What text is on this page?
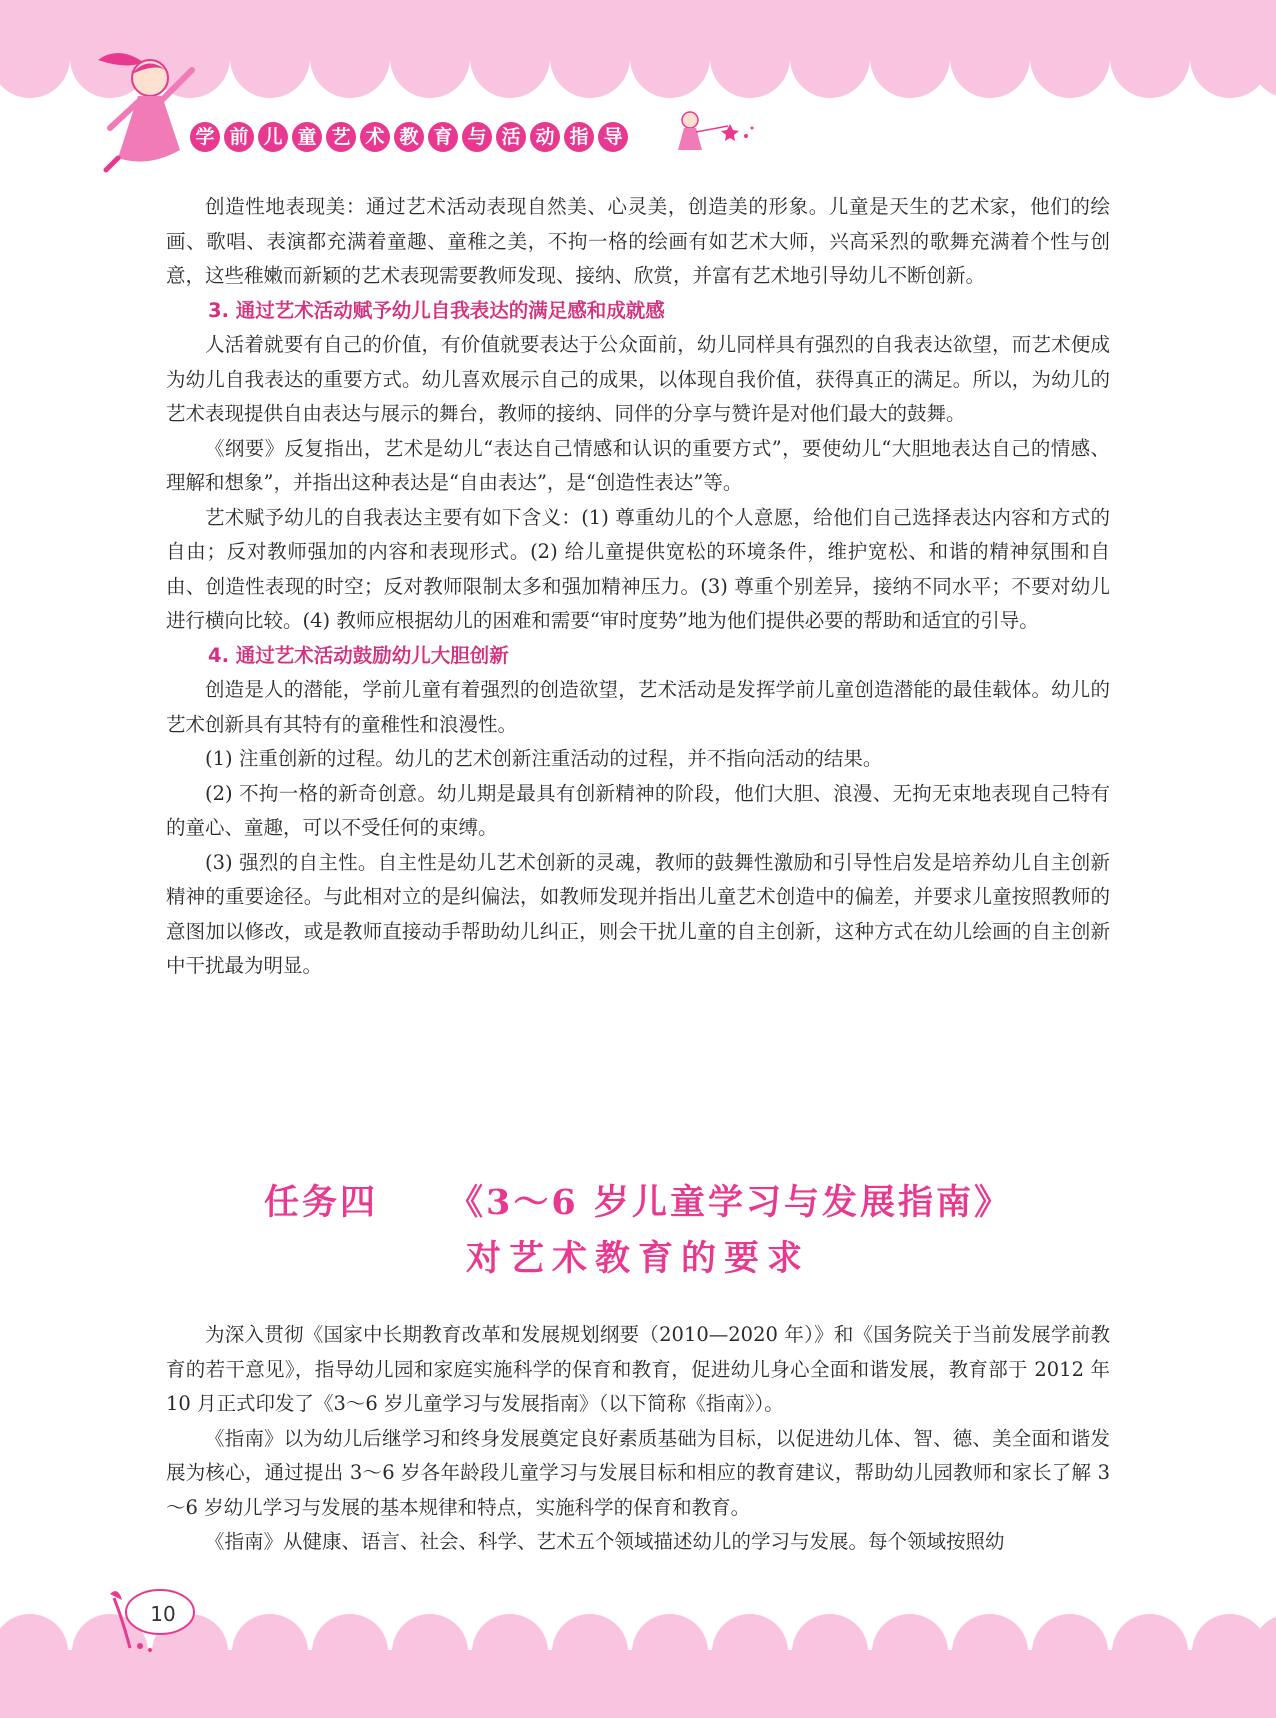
学 前 儿 童 艺 术 教 育 与 活 动 指 导

创造性地表现美：通过艺术活动表现自然美、心灵美，创造美的形象。儿童是天生的艺术家，他们的绘画、歌唱、表演都充满着童趣、童稚之美，不拘一格的绘画有如艺术大师，兴高采烈的歌舞充满着个性与创意，这些稚嫩而新颖的艺术表现需要教师发现、接纳、欣赏，并富有艺术地引导幼儿不断创新。

3. 通过艺术活动赋予幼儿自我表达的满足感和成就感

人活着就要有自己的价值，有价值就要表达于公众面前，幼儿同样具有强烈的自我表达欲望，而艺术便成为幼儿自我表达的重要方式。幼儿喜欢展示自己的成果，以体现自我价值，获得真正的满足。所以，为幼儿的艺术表现提供自由表达与展示的舞台，教师的接纳、同伴的分享与赞许是对他们最大的鼓舞。

《纲要》反复指出，艺术是幼儿“表达自己情感和认识的重要方式”，要使幼儿“大胆地表达自己的情感、理解和想象”，并指出这种表达是“自由表达”，是“创造性表达”等。

艺术赋予幼儿的自我表达主要有如下含义：(1) 尊重幼儿的个人意愿，给他们自己选择表达内容和方式的自由；反对教师强加的内容和表现形式。(2) 给儿童提供宽松的环境条件，维护宽松、和谐的精神氛围和自由、创造性表现的时空；反对教师限制太多和强加精神压力。(3) 尊重个别差异，接纳不同水平；不要对幼儿进行横向比较。(4) 教师应根据幼儿的困难和需要“审时度势”地为他们提供必要的帮助和适宜的引导。

4. 通过艺术活动鼓励幼儿大胆创新

创造是人的潜能，学前儿童有着强烈的创造欲望，艺术活动是发挥学前儿童创造潜能的最佳载体。幼儿的艺术创新具有其特有的童稚性和浪漫性。

(1) 注重创新的过程。幼儿的艺术创新注重活动的过程，并不指向活动的结果。

(2) 不拘一格的新奇创意。幼儿期是最具有创新精神的阶段，他们大胆、浪漫、无拘无束地表现自己特有的童心、童趣，可以不受任何的束缚。

(3) 强烈的自主性。自主性是幼儿艺术创新的灵魂，教师的鼓舞性激励和引导性启发是培养幼儿自主创新精神的重要途径。与此相对立的是纠偏法，如教师发现并指出儿童艺术创造中的偏差，并要求儿童按照教师的意图加以修改，或是教师直接动手帮助幼儿纠正，则会干扰儿童的自主创新，这种方式在幼儿绘画的自主创新中干扰最为明显。

任务四 《3～6 岁儿童学习与发展指南》
对艺术教育的要求

为深入贯彻《国家中长期教育改革和发展规划纲要（2010—2020 年）》和《国务院关于当前发展学前教育的若干意见》，指导幼儿园和家庭实施科学的保育和教育，促进幼儿身心全面和谐发展，教育部于 2012 年 10 月正式印发了《3～6 岁儿童学习与发展指南》（以下简称《指南》）。

《指南》以为幼儿后继学习和终身发展奠定良好素质基础为目标，以促进幼儿体、智、德、美全面和谐发展为核心，通过提出 3～6 岁各年龄段儿童学习与发展目标和相应的教育建议，帮助幼儿园教师和家长了解 3～6 岁幼儿学习与发展的基本规律和特点，实施科学的保育和教育。

《指南》从健康、语言、社会、科学、艺术五个领域描述幼儿的学习与发展。每个领域按照幼

10
